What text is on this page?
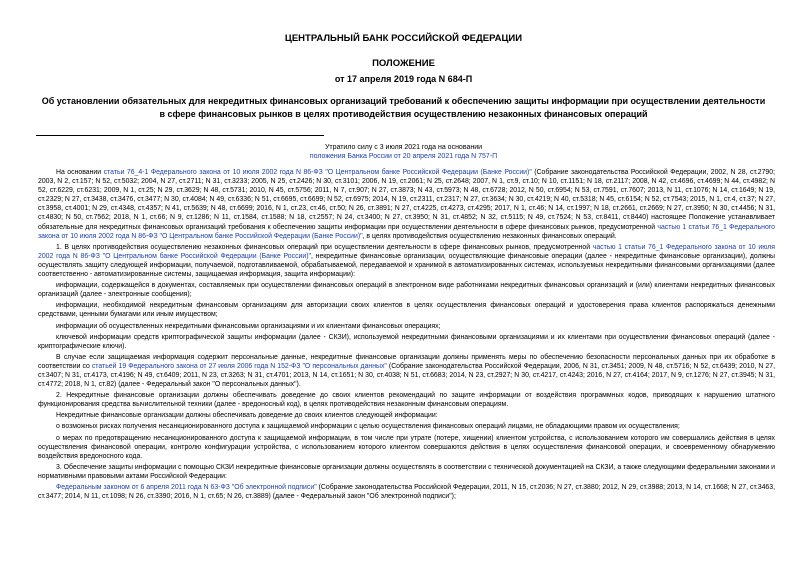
ЦЕНТРАЛЬНЫЙ БАНК РОССИЙСКОЙ ФЕДЕРАЦИИ
ПОЛОЖЕНИЕ
от 17 апреля 2019 года N 684-П
Об установлении обязательных для некредитных финансовых организаций требований к обеспечению защиты информации при осуществлении деятельности в сфере финансовых рынков в целях противодействия осуществлению незаконных финансовых операций
Утратило силу с 3 июля 2021 года на основании
положения Банка России от 20 апреля 2021 года N 757-П

На основании статьи 76_4-1 Федерального закона от 10 июля 2002 года N 86-ФЗ "О Центральном банке Российской Федерации (Банке России)" (Собрание законодательства Российской Федерации, 2002, N 28, ст.2790; 2003, N 2, ст.157; N 52, ст.5032; 2004, N 27, ст.2711; N 31, ст.3233; 2005, N 25, ст.2426; N 30, ст.3101; 2006, N 19, ст.2061; N 25, ст.2648; 2007, N 1, ст.9, ст.10; N 10, ст.1151; N 18, ст.2117; 2008, N 42, ст.4696, ст.4699; N 44, ст.4982; N 52, ст.6229, ст.6231; 2009, N 1, ст.25; N 29, ст.3629; N 48, ст.5731; 2010, N 45, ст.5756; 2011, N 7, ст.907; N 27, ст.3873; N 43, ст.5973; N 48, ст.6728; 2012, N 50, ст.6954; N 53, ст.7591, ст.7607; 2013, N 11, ст.1076; N 14, ст.1649; N 19, ст.2329; N 27, ст.3438, ст.3476, ст.3477; N 30, ст.4084; N 49, ст.6336; N 51, ст.6695, ст.6699; N 52, ст.6975; 2014, N 19, ст.2311, ст.2317; N 27, ст.3634; N 30, ст.4219; N 40, ст.5318; N 45, ст.6154; N 52, ст.7543; 2015, N 1, ст.4, ст.37; N 27, ст.3958, ст.4001; N 29, ст.4348, ст.4357; N 41, ст.5639; N 48, ст.6699; 2016, N 1, ст.23, ст.46, ст.50; N 26, ст.3891; N 27, ст.4225, ст.4273, ст.4295; 2017, N 1, ст.46; N 14, ст.1997; N 18, ст.2661, ст.2669; N 27, ст.3950; N 30, ст.4456; N 31, ст.4830; N 50, ст.7562; 2018, N 1, ст.66; N 9, ст.1286; N 11, ст.1584, ст.1588; N 18, ст.2557; N 24, ст.3400; N 27, ст.3950; N 31, ст.4852; N 32, ст.5115; N 49, ст.7524; N 53, ст.8411, ст.8440) настоящее Положение устанавливает обязательные для некредитных финансовых организаций требования к обеспечению защиты информации при осуществлении деятельности в сфере финансовых рынков, предусмотренной частью 1 статьи 76_1 Федерального закона от 10 июля 2002 года N 86-ФЗ "О Центральном банке Российской Федерации (Банке России)", в целях противодействия осуществлению незаконных финансовых операций.

1. В целях противодействия осуществлению незаконных финансовых операций при осуществлении деятельности в сфере финансовых рынков, предусмотренной частью 1 статьи 76_1 Федерального закона от 10 июля 2002 года N 86-ФЗ "О Центральном банке Российской Федерации (Банке России)", некредитные финансовые организации, осуществляющие финансовые операции (далее - некредитные финансовые организации), должны осуществлять защиту следующей информации, получаемой, подготавливаемой, обрабатываемой, передаваемой и хранимой в автоматизированных системах, используемых некредитными финансовыми организациями (далее соответственно - автоматизированные системы, защищаемая информация, защита информации):

информации, содержащейся в документах, составляемых при осуществлении финансовых операций в электронном виде работниками некредитных финансовых организаций и (или) клиентами некредитных финансовых организаций (далее - электронные сообщения);

информации, необходимой некредитным финансовым организациям для авторизации своих клиентов в целях осуществления финансовых операций и удостоверения права клиентов распоряжаться денежными средствами, ценными бумагами или иным имуществом;

информации об осуществленных некредитными финансовыми организациями и их клиентами финансовых операциях;

ключевой информации средств криптографической защиты информации (далее - СКЗИ), используемой некредитными финансовыми организациями и их клиентами при осуществлении финансовых операций (далее - криптографические ключи).

В случае если защищаемая информация содержит персональные данные, некредитные финансовые организации должны применять меры по обеспечению безопасности персональных данных при их обработке в соответствии со статьей 19 Федерального закона от 27 июля 2006 года N 152-ФЗ "О персональных данных" (Собрание законодательства Российской Федерации, 2006, N 31, ст.3451; 2009, N 48, ст.5716; N 52, ст.6439; 2010, N 27, ст.3407; N 31, ст.4173, ст.4196; N 49, ст.6409; 2011, N 23, ст.3263; N 31, ст.4701; 2013, N 14, ст.1651; N 30, ст.4038; N 51, ст.6683; 2014, N 23, ст.2927; N 30, ст.4217, ст.4243; 2016, N 27, ст.4164; 2017, N 9, ст.1276; N 27, ст.3945; N 31, ст.4772; 2018, N 1, ст.82) (далее - Федеральный закон "О персональных данных").

2. Некредитные финансовые организации должны обеспечивать доведение до своих клиентов рекомендаций по защите информации от воздействия программных кодов, приводящих к нарушению штатного функционирования средства вычислительной техники (далее - вредоносный код), в целях противодействия незаконным финансовым операциям.

Некредитные финансовые организации должны обеспечивать доведение до своих клиентов следующей информации:

о возможных рисках получения несанкционированного доступа к защищаемой информации с целью осуществления финансовых операций лицами, не обладающими правом их осуществления;

о мерах по предотвращению несанкционированного доступа к защищаемой информации, в том числе при утрате (потере, хищении) клиентом устройства, с использованием которого им совершались действия в целях осуществления финансовой операции, контролю конфигурации устройства, с использованием которого клиентом совершаются действия в целях осуществления финансовой операции, и своевременному обнаружению воздействия вредоносного кода.

3. Обеспечение защиты информации с помощью СКЗИ некредитные финансовые организации должны осуществлять в соответствии с технической документацией на СКЗИ, а также следующими федеральными законами и нормативными правовыми актами Российской Федерации:

Федеральным законом от 6 апреля 2011 года N 63-ФЗ "Об электронной подписи" (Собрание законодательства Российской Федерации, 2011, N 15, ст.2036; N 27, ст.3880; 2012, N 29, ст.3988; 2013, N 14, ст.1668; N 27, ст.3463, ст.3477; 2014, N 11, ст.1098; N 26, ст.3390; 2016, N 1, ст.65; N 26, ст.3889) (далее - Федеральный закон "Об электронной подписи");
